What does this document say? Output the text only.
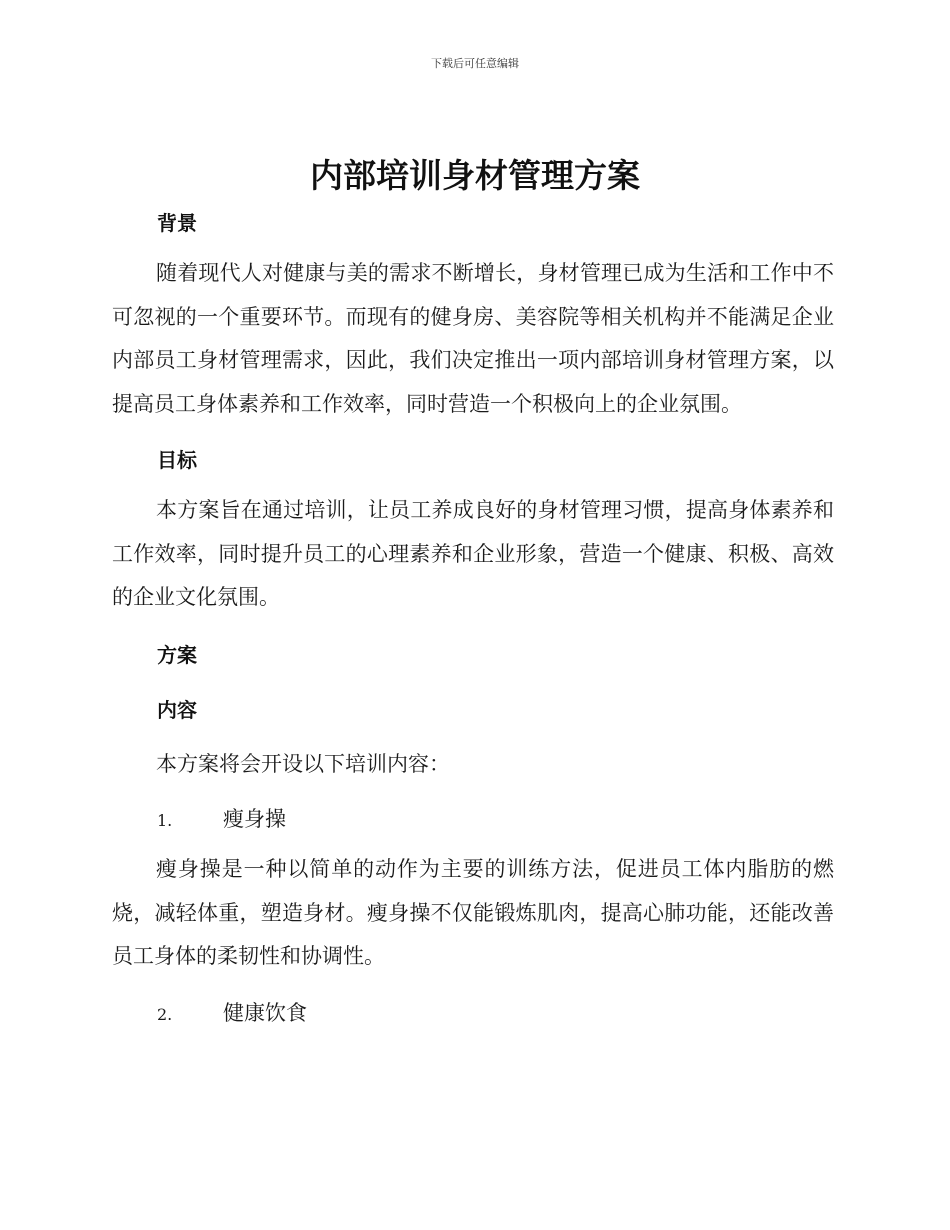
下载后可任意编辑
内部培训身材管理方案
背景
随着现代人对健康与美的需求不断增长，身材管理已成为生活和工作中不可忽视的一个重要环节。而现有的健身房、美容院等相关机构并不能满足企业内部员工身材管理需求，因此，我们决定推出一项内部培训身材管理方案，以提高员工身体素养和工作效率，同时营造一个积极向上的企业氛围。
目标
本方案旨在通过培训，让员工养成良好的身材管理习惯，提高身体素养和工作效率，同时提升员工的心理素养和企业形象，营造一个健康、积极、高效的企业文化氛围。
方案
内容
本方案将会开设以下培训内容：
1. 瘦身操
瘦身操是一种以简单的动作为主要的训练方法，促进员工体内脂肪的燃烧，减轻体重，塑造身材。瘦身操不仅能锻炼肌肉，提高心肺功能，还能改善员工身体的柔韧性和协调性。
2. 健康饮食
